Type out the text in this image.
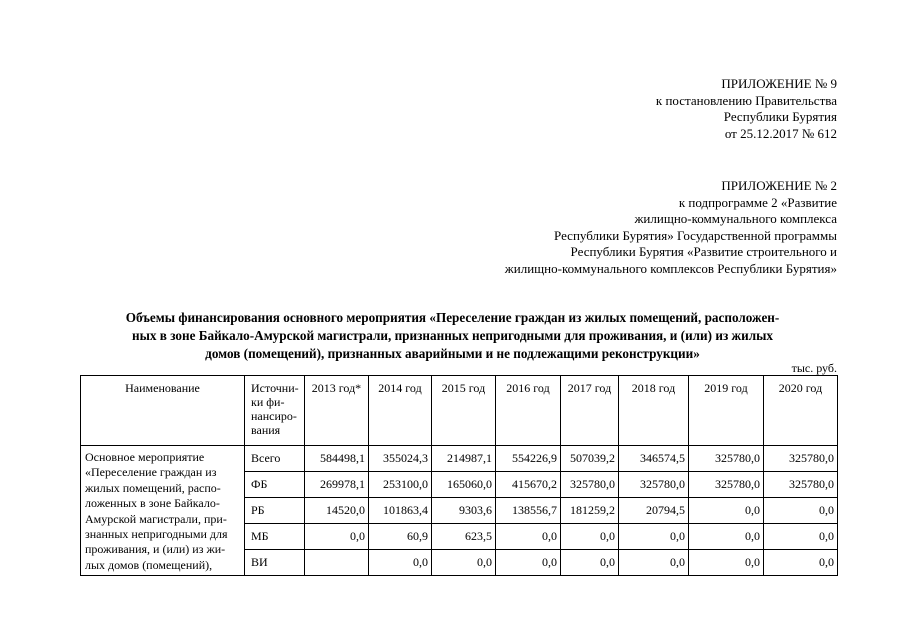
ПРИЛОЖЕНИЕ № 9
к постановлению Правительства
Республики Бурятия
от 25.12.2017 № 612
ПРИЛОЖЕНИЕ № 2
к подпрограмме 2 «Развитие
жилищно-коммунального комплекса
Республики Бурятия» Государственной программы
Республики Бурятия «Развитие строительного и
жилищно-коммунального комплексов Республики Бурятия»
Объемы финансирования основного мероприятия «Переселение граждан из жилых помещений, расположен-
ных в зоне Байкало-Амурской магистрали, признанных непригодными для проживания, и (или) из жилых
домов (помещений), признанных аварийными и не подлежащими реконструкции»
тыс. руб.
Наименование	Источни-
ки фи-
нансиро-
вания	2013 год*	2014 год	2015 год	2016 год	2017 год	2018 год	2019 год	2020 год
Основное мероприятие «Переселение граждан из жилых помещений, распо-ложенных в зоне Байкало-Амурской магистрали, при-знанных непригодными для проживания, и (или) из жи-лых домов (помещений),	Всего	584498,1	355024,3	214987,1	554226,9	507039,2	346574,5	325780,0	325780,0
	ФБ	269978,1	253100,0	165060,0	415670,2	325780,0	325780,0	325780,0	325780,0
	РБ	14520,0	101863,4	9303,6	138556,7	181259,2	20794,5	0,0	0,0
	МБ	0,0	60,9	623,5	0,0	0,0	0,0	0,0	0,0
	ВИ		0,0	0,0	0,0	0,0	0,0	0,0	0,0
